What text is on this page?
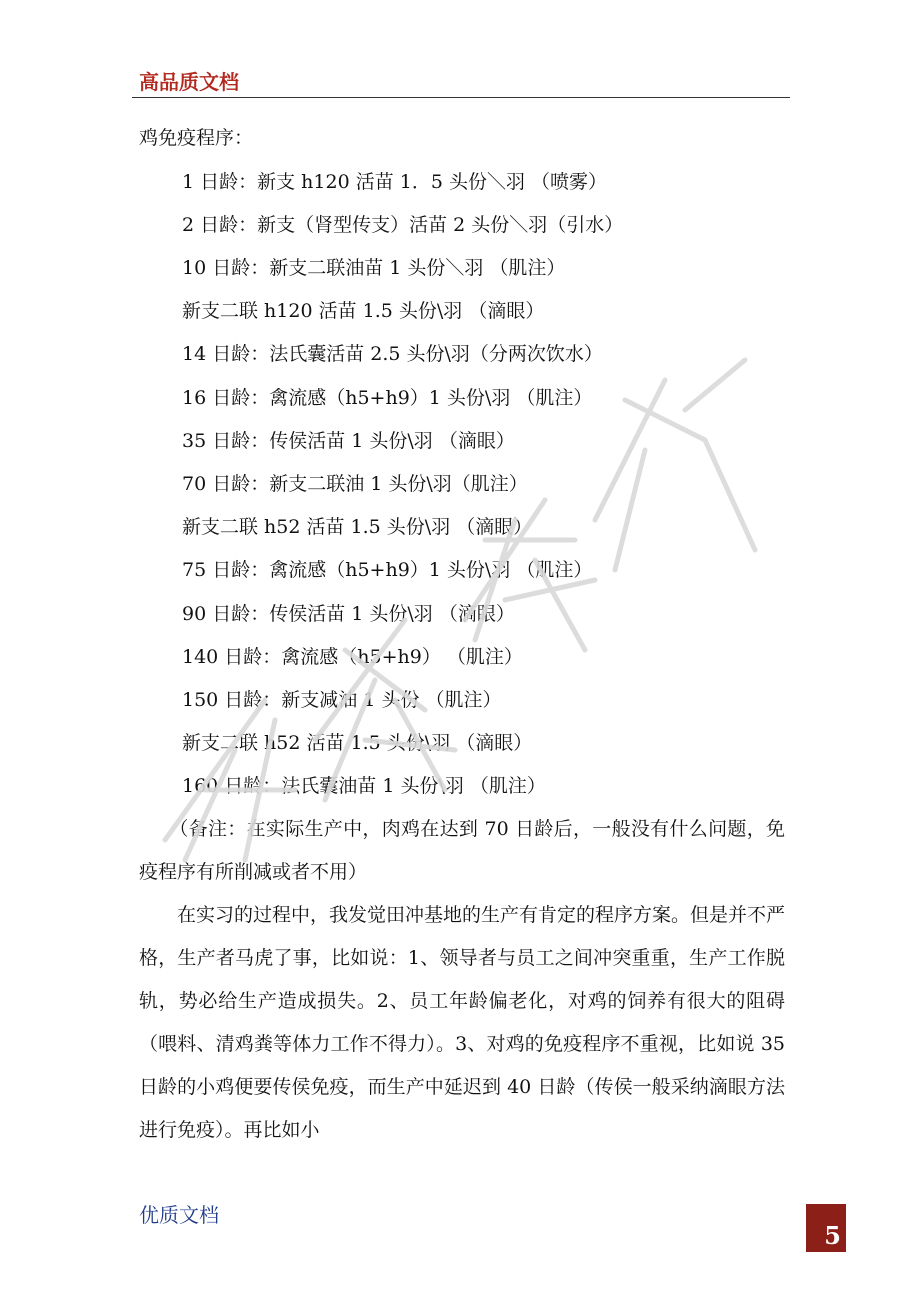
高品质文档
鸡免疫程序：
1 日龄：新支 h120 活苗 1．5 头份＼羽 （喷雾）
2 日龄：新支（肾型传支）活苗 2 头份＼羽（引水）
10 日龄：新支二联油苗 1 头份＼羽 （肌注）
新支二联 h120 活苗 1.5 头份\羽 （滴眼）
14 日龄：法氏囊活苗 2.5 头份\羽（分两次饮水）
16 日龄：禽流感（h5+h9）1 头份\羽 （肌注）
35 日龄：传侯活苗 1 头份\羽 （滴眼）
70 日龄：新支二联油 1 头份\羽（肌注）
新支二联 h52 活苗 1.5 头份\羽 （滴眼）
75 日龄：禽流感（h5+h9）1 头份\羽 （肌注）
90 日龄：传侯活苗 1 头份\羽 （滴眼）
140 日龄：禽流感（h5+h9） （肌注）
150 日龄：新支减油 1 头份 （肌注）
新支二联 h52 活苗 1.5 头份\羽 （滴眼）
160 日龄：法氏囊油苗 1 头份\羽 （肌注）
（备注：在实际生产中，肉鸡在达到 70 日龄后，一般没有什么问题，免疫程序有所削减或者不用）
在实习的过程中，我发觉田冲基地的生产有肯定的程序方案。但是并不严格，生产者马虎了事，比如说：1、领导者与员工之间冲突重重，生产工作脱轨，势必给生产造成损失。2、员工年龄偏老化，对鸡的饲养有很大的阻碍（喂料、清鸡粪等体力工作不得力）。3、对鸡的免疫程序不重视，比如说 35 日龄的小鸡便要传侯免疫，而生产中延迟到 40 日龄（传侯一般采纳滴眼方法进行免疫）。再比如小
优质文档
5
